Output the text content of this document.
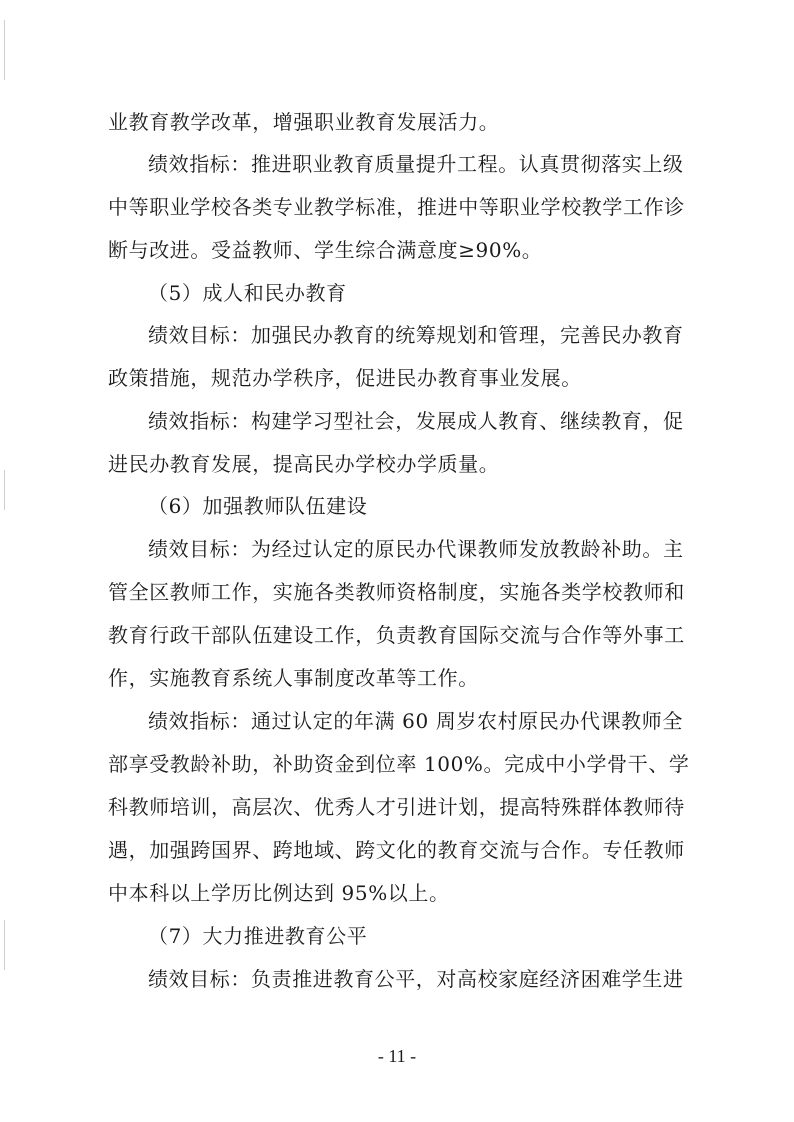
业教育教学改革，增强职业教育发展活力。
绩效指标：推进职业教育质量提升工程。认真贯彻落实上级
中等职业学校各类专业教学标准，推进中等职业学校教学工作诊
断与改进。受益教师、学生综合满意度≥90%。
（5）成人和民办教育
绩效目标：加强民办教育的统筹规划和管理，完善民办教育
政策措施，规范办学秩序，促进民办教育事业发展。
绩效指标：构建学习型社会，发展成人教育、继续教育，促
进民办教育发展，提高民办学校办学质量。
（6）加强教师队伍建设
绩效目标：为经过认定的原民办代课教师发放教龄补助。主
管全区教师工作，实施各类教师资格制度，实施各类学校教师和
教育行政干部队伍建设工作，负责教育国际交流与合作等外事工
作，实施教育系统人事制度改革等工作。
绩效指标：通过认定的年满 60 周岁农村原民办代课教师全
部享受教龄补助，补助资金到位率 100%。完成中小学骨干、学
科教师培训，高层次、优秀人才引进计划，提高特殊群体教师待
遇，加强跨国界、跨地域、跨文化的教育交流与合作。专任教师
中本科以上学历比例达到 95%以上。
（7）大力推进教育公平
绩效目标：负责推进教育公平，对高校家庭经济困难学生进
- 11 -
